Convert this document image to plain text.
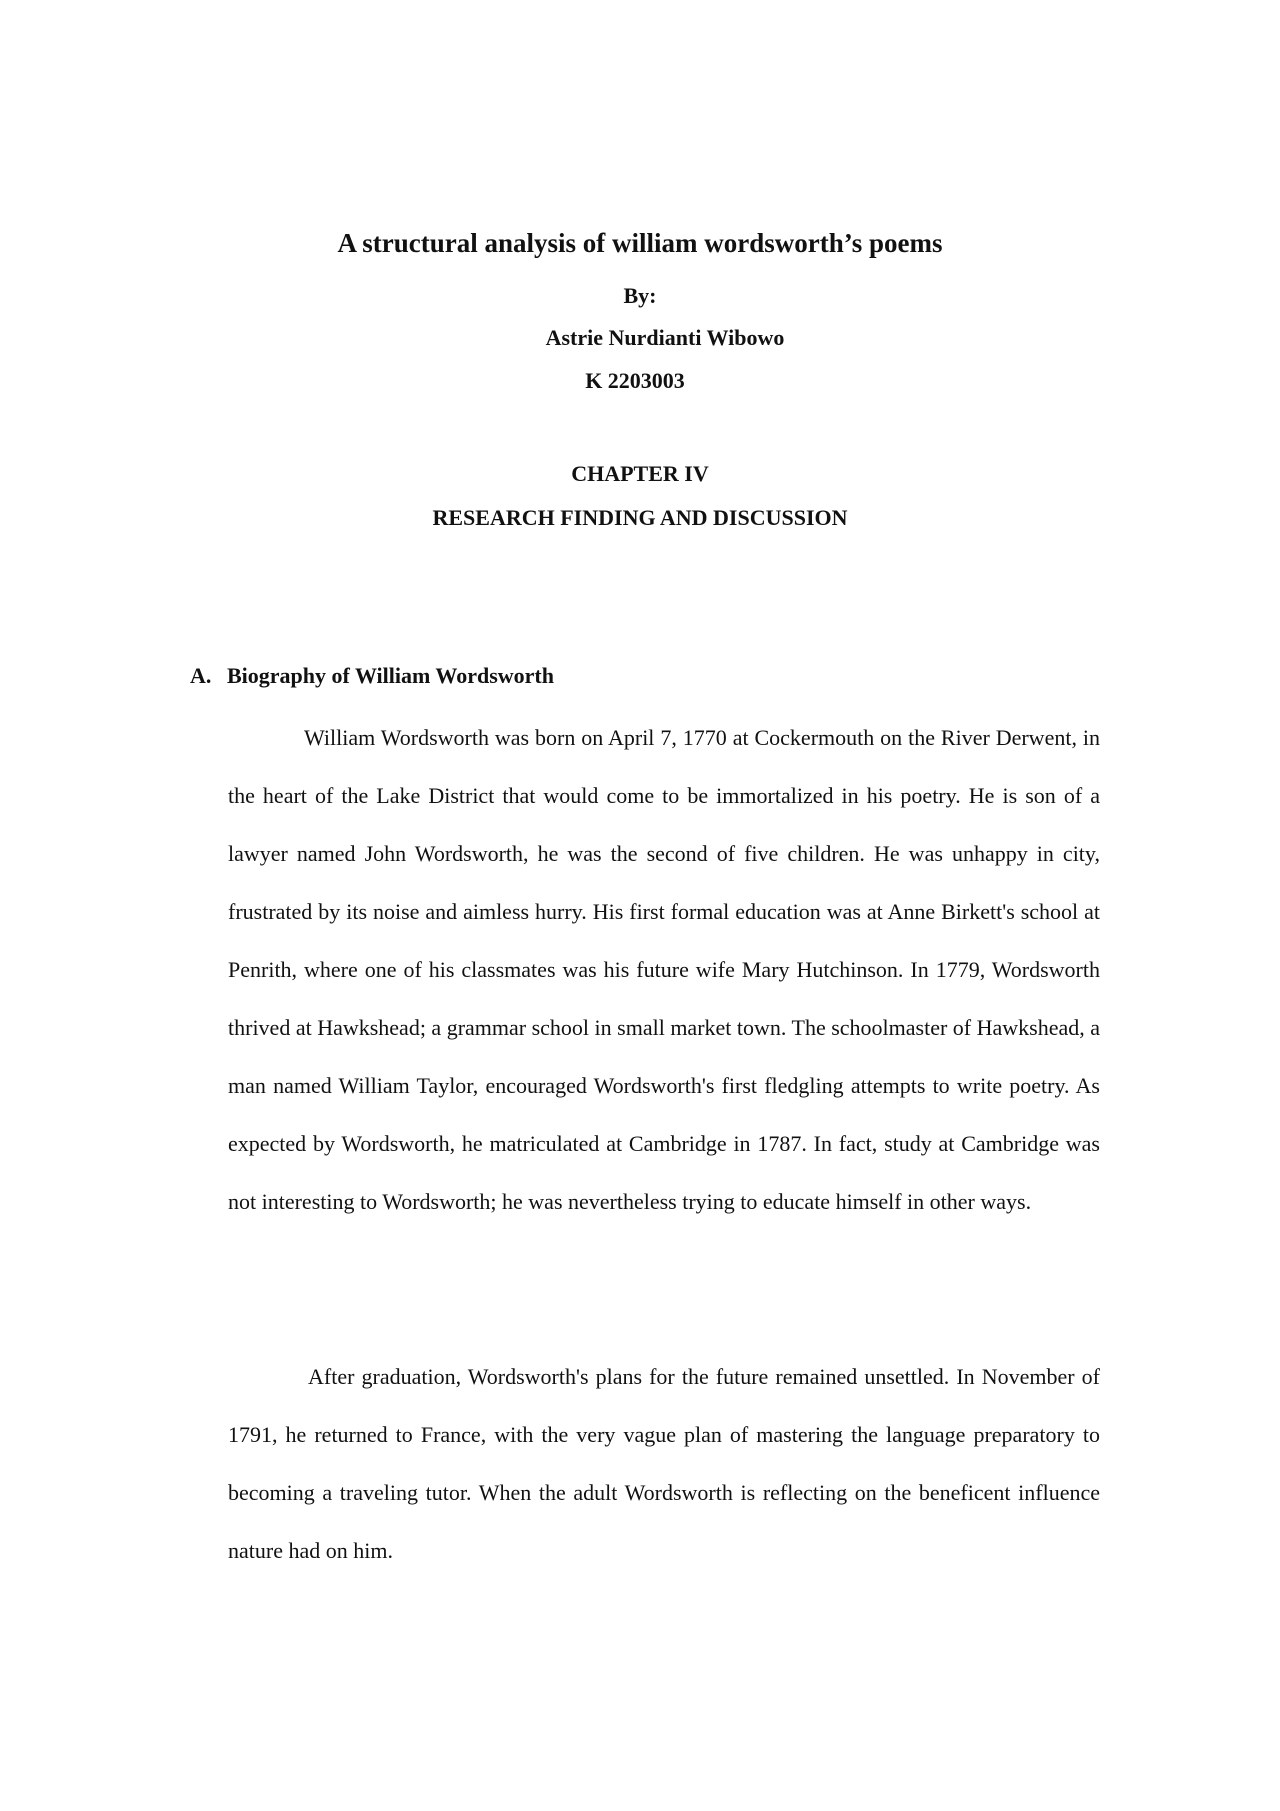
A structural analysis of william wordsworth’s poems
By:
Astrie Nurdianti Wibowo
K 2203003
CHAPTER IV
RESEARCH FINDING AND DISCUSSION
A. Biography of William Wordsworth

William Wordsworth was born on April 7, 1770 at Cockermouth on the River Derwent, in the heart of the Lake District that would come to be immortalized in his poetry. He is son of a lawyer named John Wordsworth, he was the second of five children. He was unhappy in city, frustrated by its noise and aimless hurry. His first formal education was at Anne Birkett's school at Penrith, where one of his classmates was his future wife Mary Hutchinson. In 1779, Wordsworth thrived at Hawkshead; a grammar school in small market town. The schoolmaster of Hawkshead, a man named William Taylor, encouraged Wordsworth's first fledgling attempts to write poetry. As expected by Wordsworth, he matriculated at Cambridge in 1787. In fact, study at Cambridge was not interesting to Wordsworth; he was nevertheless trying to educate himself in other ways.

After graduation, Wordsworth's plans for the future remained unsettled. In November of 1791, he returned to France, with the very vague plan of mastering the language preparatory to becoming a traveling tutor. When the adult Wordsworth is reflecting on the beneficent influence nature had on him.
